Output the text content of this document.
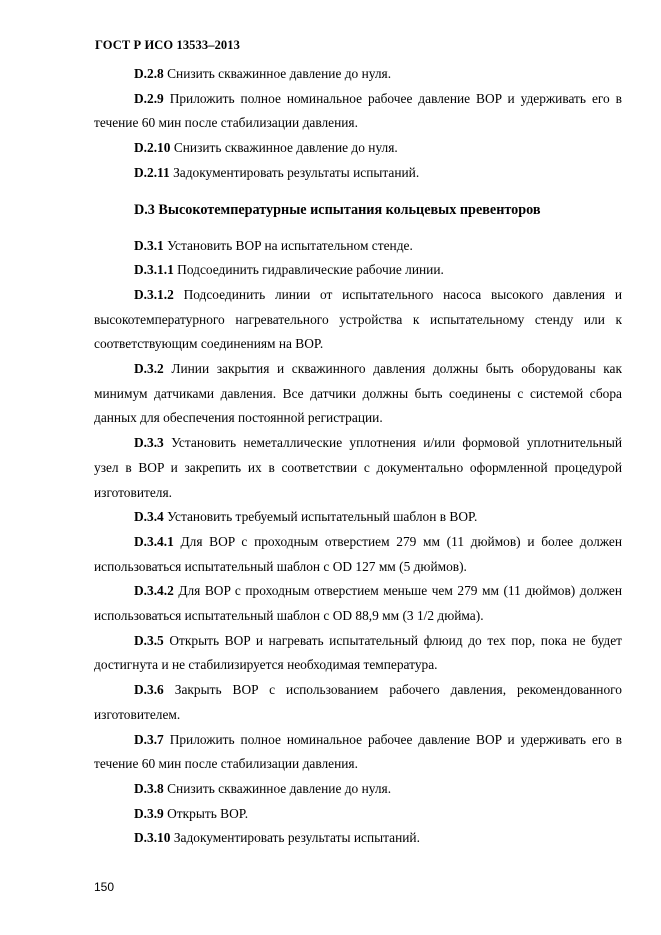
ГОСТ Р ИСО 13533–2013

D.2.8 Снизить скважинное давление до нуля.

D.2.9 Приложить полное номинальное рабочее давление BOP и удерживать его в течение 60 мин после стабилизации давления.

D.2.10 Снизить скважинное давление до нуля.

D.2.11 Задокументировать результаты испытаний.

D.3 Высокотемпературные испытания кольцевых превенторов

D.3.1 Установить BOP на испытательном стенде.

D.3.1.1 Подсоединить гидравлические рабочие линии.

D.3.1.2 Подсоединить линии от испытательного насоса высокого давления и высокотемпературного нагревательного устройства к испытательному стенду или к соответствующим соединениям на BOP.

D.3.2 Линии закрытия и скважинного давления должны быть оборудованы как минимум датчиками давления. Все датчики должны быть соединены с системой сбора данных для обеспечения постоянной регистрации.

D.3.3 Установить неметаллические уплотнения и/или формовой уплотнительный узел в BOP и закрепить их в соответствии с документально оформленной процедурой изготовителя.

D.3.4 Установить требуемый испытательный шаблон в BOP.

D.3.4.1 Для BOP с проходным отверстием 279 мм (11 дюймов) и более должен использоваться испытательный шаблон с OD 127 мм (5 дюймов).

D.3.4.2 Для BOP с проходным отверстием меньше чем 279 мм (11 дюймов) должен использоваться испытательный шаблон с OD 88,9 мм (3 1/2 дюйма).

D.3.5 Открыть BOP и нагревать испытательный флюид до тех пор, пока не будет достигнута и не стабилизируется необходимая температура.

D.3.6 Закрыть BOP с использованием рабочего давления, рекомендованного изготовителем.

D.3.7 Приложить полное номинальное рабочее давление BOP и удерживать его в течение 60 мин после стабилизации давления.

D.3.8 Снизить скважинное давление до нуля.

D.3.9 Открыть BOP.

D.3.10 Задокументировать результаты испытаний.

150
